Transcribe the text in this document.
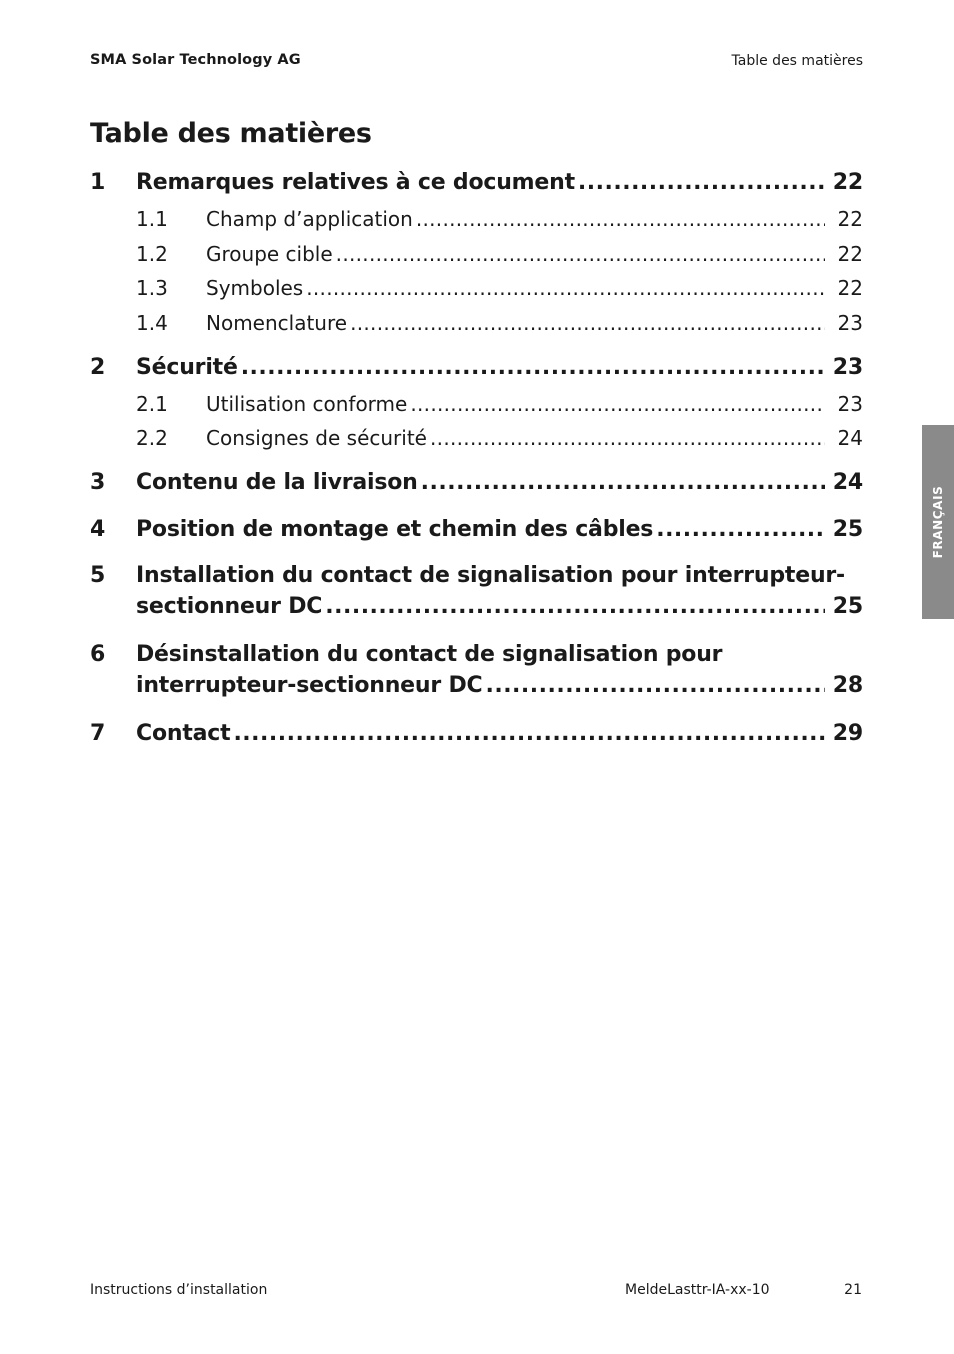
SMA Solar Technology AG	Table des matières
Table des matières
1	Remarques relatives à ce document .....	22
1.1	Champ d’application .....	22
1.2	Groupe cible .....	22
1.3	Symboles .....	22
1.4	Nomenclature .....	23
2	Sécurité .....	23
2.1	Utilisation conforme .....	23
2.2	Consignes de sécurité .....	24
3	Contenu de la livraison .....	24
4	Position de montage et chemin des câbles .....	25
5	Installation du contact de signalisation pour interrupteur-
sectionneur DC .....	25
6	Désinstallation du contact de signalisation pour
interrupteur-sectionneur DC .....	28
7	Contact .....	29
FRANÇAIS
Instructions d’installation	MeldeLasttr-IA-xx-10	21
